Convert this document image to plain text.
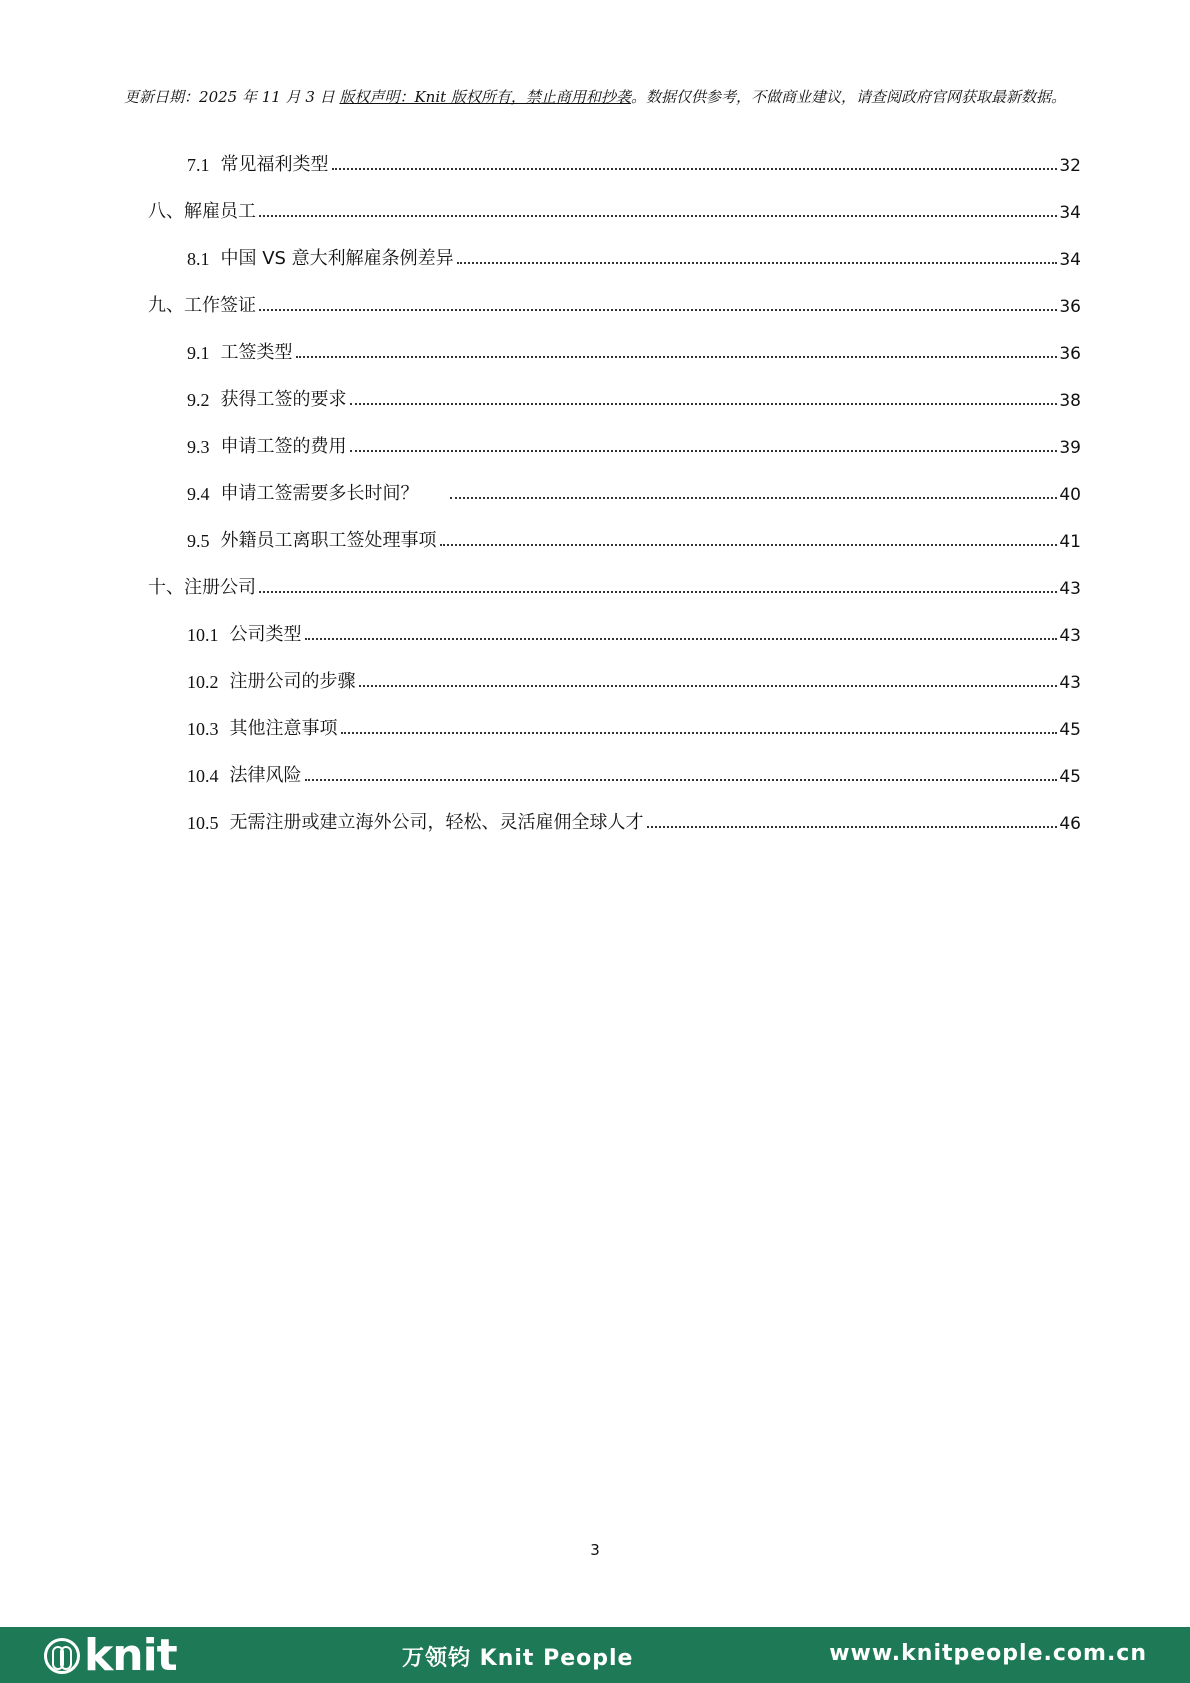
更新日期：2025 年 11 月 3 日 版权声明：Knit 版权所有，禁止商用和抄袭。数据仅供参考，不做商业建议，请查阅政府官网获取最新数据。
7.1 常见福利类型	32
八、 解雇员工	34
8.1 中国 VS 意大利解雇条例差异	34
九、 工作签证	36
9.1 工签类型	36
9.2 获得工签的要求	38
9.3 申请工签的费用	39
9.4 申请工签需要多长时间？	40
9.5 外籍员工离职工签处理事项	41
十、 注册公司	43
10.1 公司类型	43
10.2 注册公司的步骤	43
10.3 其他注意事项	45
10.4 法律风险	45
10.5 无需注册或建立海外公司，轻松、灵活雇佣全球人才	46
3
knit	万领钧 Knit People	www.knitpeople.com.cn
